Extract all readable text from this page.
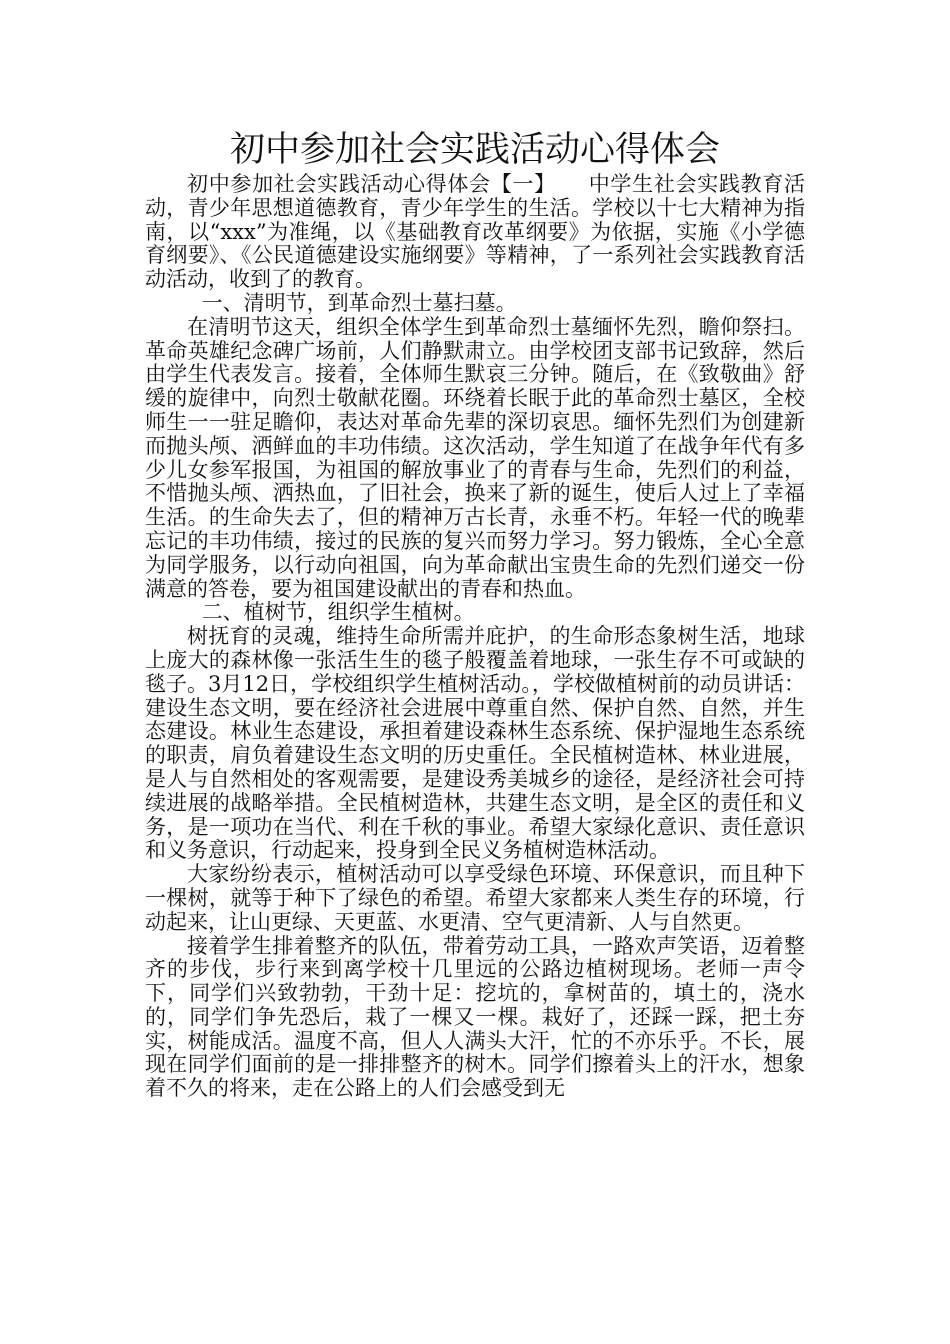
初中参加社会实践活动心得体会

初中参加社会实践活动心得体会【一】　　中学生社会实践教育活动，青少年思想道德教育，青少年学生的生活。学校以十七大精神为指南，以“xxx”为准绳，以《基础教育改革纲要》为依据，实施《小学德育纲要》、《公民道德建设实施纲要》等精神，了一系列社会实践教育活动活动，收到了的教育。

一、清明节，到革命烈士墓扫墓。

在清明节这天，组织全体学生到革命烈士墓缅怀先烈，瞻仰祭扫。革命英雄纪念碑广场前，人们静默肃立。由学校团支部书记致辞，然后由学生代表发言。接着，全体师生默哀三分钟。随后，在《致敬曲》舒缓的旋律中，向烈士敬献花圈。环绕着长眠于此的革命烈士墓区，全校师生一一驻足瞻仰，表达对革命先辈的深切哀思。缅怀先烈们为创建新而抛头颅、洒鲜血的丰功伟绩。这次活动，学生知道了在战争年代有多少儿女参军报国，为祖国的解放事业了的青春与生命，先烈们的利益，不惜抛头颅、洒热血，了旧社会，换来了新的诞生，使后人过上了幸福生活。的生命失去了，但的精神万古长青，永垂不朽。年轻一代的晚辈忘记的丰功伟绩，接过的民族的复兴而努力学习。努力锻炼，全心全意为同学服务，以行动向祖国，向为革命献出宝贵生命的先烈们递交一份满意的答卷，要为祖国建设献出的青春和热血。

二、植树节，组织学生植树。

树抚育的灵魂，维持生命所需并庇护，的生命形态象树生活，地球上庞大的森林像一张活生生的毯子般覆盖着地球，一张生存不可或缺的毯子。3月12日，学校组织学生植树活动。，学校做植树前的动员讲话：建设生态文明，要在经济社会进展中尊重自然、保护自然、自然，并生态建设。林业生态建设，承担着建设森林生态系统、保护湿地生态系统的职责，肩负着建设生态文明的历史重任。全民植树造林、林业进展，是人与自然相处的客观需要，是建设秀美城乡的途径，是经济社会可持续进展的战略举措。全民植树造林，共建生态文明，是全区的责任和义务，是一项功在当代、利在千秋的事业。希望大家绿化意识、责任意识和义务意识，行动起来，投身到全民义务植树造林活动。

大家纷纷表示，植树活动可以享受绿色环境、环保意识，而且种下一棵树，就等于种下了绿色的希望。希望大家都来人类生存的环境，行动起来，让山更绿、天更蓝、水更清、空气更清新、人与自然更。

接着学生排着整齐的队伍，带着劳动工具，一路欢声笑语，迈着整齐的步伐，步行来到离学校十几里远的公路边植树现场。老师一声令下，同学们兴致勃勃，干劲十足：挖坑的，拿树苗的，填土的，浇水的，同学们争先恐后，栽了一棵又一棵。栽好了，还踩一踩，把土夯实，树能成活。温度不高，但人人满头大汗，忙的不亦乐乎。不长，展现在同学们面前的是一排排整齐的树木。同学们擦着头上的汗水，想象着不久的将来，走在公路上的人们会感受到无
